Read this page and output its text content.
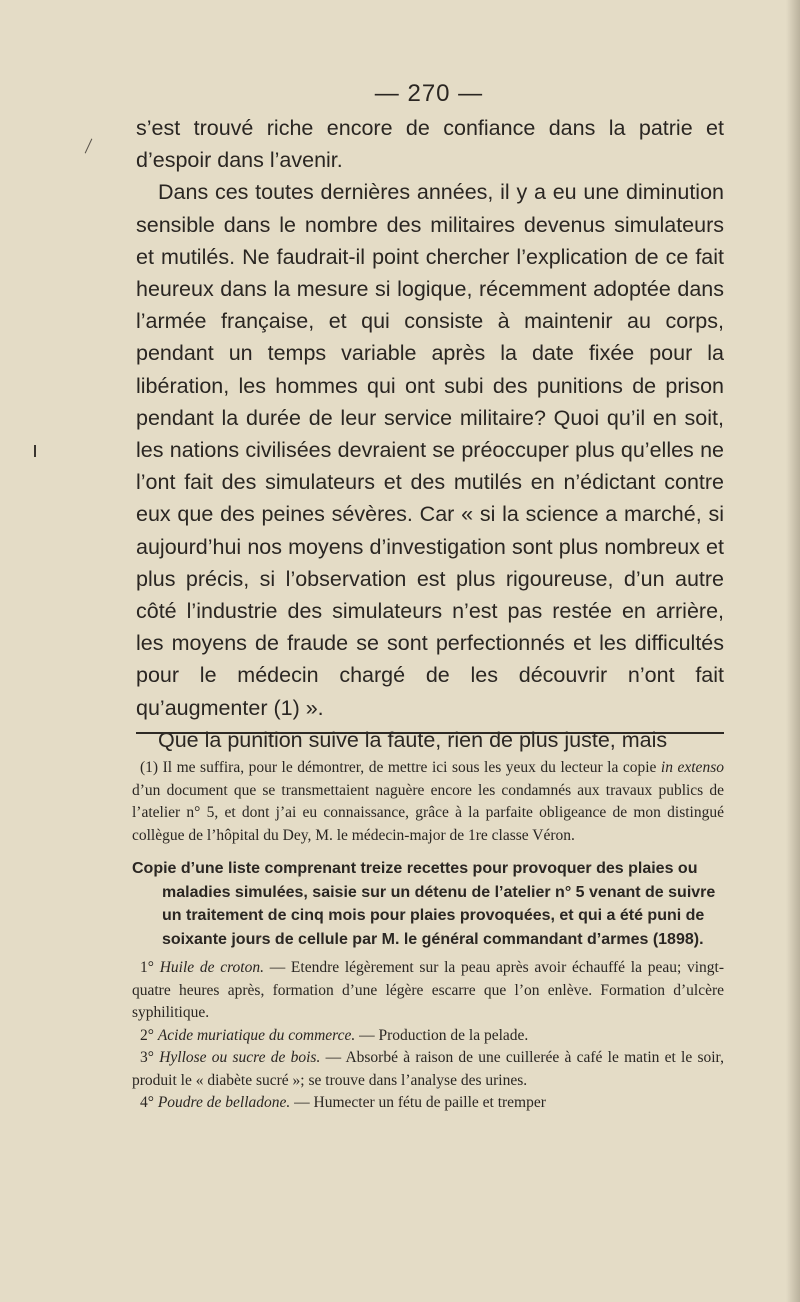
— 270 —

s’est trouvé riche encore de confiance dans la patrie et

d’espoir dans l’avenir.

Dans ces toutes dernières années, il y a eu une diminution sensible dans le nombre des militaires devenus simulateurs et mutilés. Ne faudrait-il point chercher l’explication de ce fait heureux dans la mesure si logique, récemment adoptée dans l’armée française, et qui consiste à maintenir au corps, pendant un temps variable après la date fixée pour la libération, les hommes qui ont subi des punitions de prison pendant la durée de leur service militaire? Quoi qu’il en soit, les nations civilisées devraient se préoccuper plus qu’elles ne l’ont fait des simulateurs et des mutilés en n’édictant contre eux que des peines sévères. Car « si la science a marché, si aujourd’hui nos moyens d’investigation sont plus nombreux et plus précis, si l’observation est plus rigoureuse, d’un autre côté l’industrie des simulateurs n’est pas restée en arrière, les moyens de fraude se sont perfectionnés et les difficultés pour le médecin chargé de les découvrir n’ont fait qu’augmenter (1) ».

Que la punition suive la faute, rien de plus juste, mais

(1) Il me suffira, pour le démontrer, de mettre ici sous les yeux du lecteur la copie in extenso d’un document que se transmettaient naguère encore les condamnés aux travaux publics de l’atelier n° 5, et dont j’ai eu connaissance, grâce à la parfaite obligeance de mon distingué collègue de l’hôpital du Dey, M. le médecin-major de 1re classe Véron.

Copie d’une liste comprenant treize recettes pour provoquer des plaies ou maladies simulées, saisie sur un détenu de l’atelier n° 5 venant de suivre un traitement de cinq mois pour plaies provoquées, et qui a été puni de soixante jours de cellule par M. le général commandant d’armes (1898).

1° Huile de croton. — Etendre légèrement sur la peau après avoir échauffé la peau; vingt-quatre heures après, formation d’une légère escarre que l’on enlève. Formation d’ulcère syphilitique.

2° Acide muriatique du commerce. — Production de la pelade.

3° Hyllose ou sucre de bois. — Absorbé à raison de une cuillerée à café le matin et le soir, produit le « diabète sucré »; se trouve dans l’analyse des urines.

4° Poudre de belladone. — Humecter un fétu de paille et tremper
